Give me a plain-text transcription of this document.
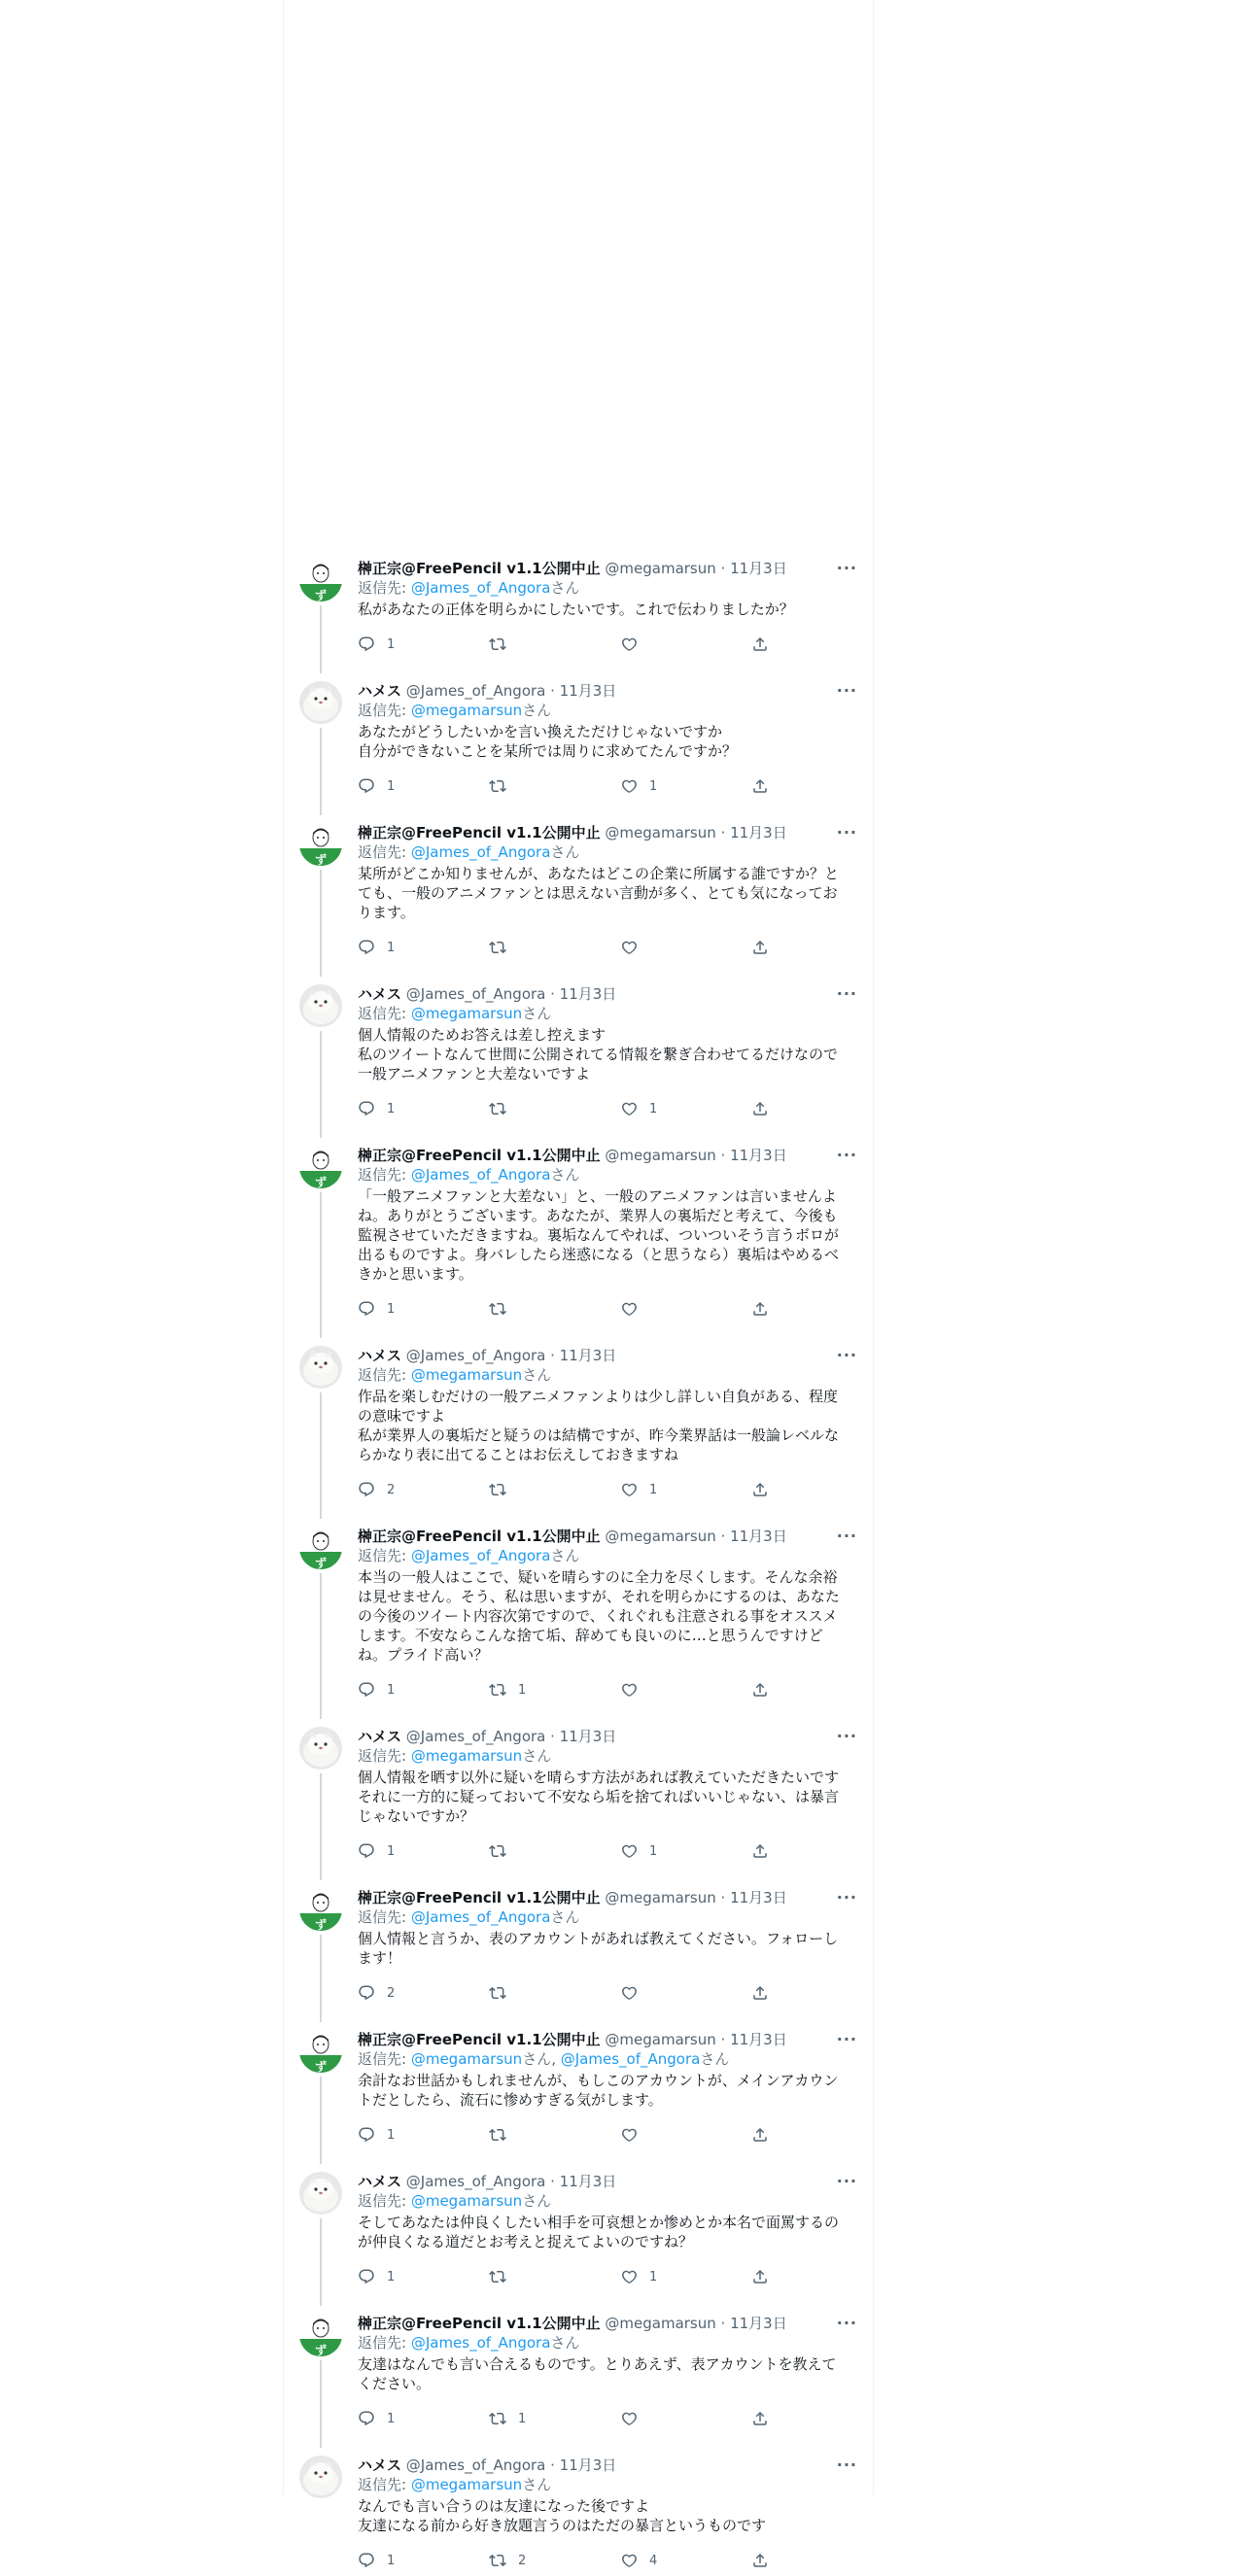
ず
榊正宗@FreePencil v1.1公開中止 @megamarsun · 11月3日	···
返信先: @James_of_Angoraさん
私があなたの正体を明らかにしたいです。これで伝わりましたか？
1
ハメス @James_of_Angora · 11月3日	···
返信先: @megamarsunさん
あなたがどうしたいかを言い換えただけじゃないですか
自分ができないことを某所では周りに求めてたんですか？
1	1
ず
榊正宗@FreePencil v1.1公開中止 @megamarsun · 11月3日	···
返信先: @James_of_Angoraさん
某所がどこか知りませんが、あなたはどこの企業に所属する誰ですか？と
ても、一般のアニメファンとは思えない言動が多く、とても気になってお
ります。
1
ハメス @James_of_Angora · 11月3日	···
返信先: @megamarsunさん
個人情報のためお答えは差し控えます
私のツイートなんて世間に公開されてる情報を繋ぎ合わせてるだけなので
一般アニメファンと大差ないですよ
1	1
ず
榊正宗@FreePencil v1.1公開中止 @megamarsun · 11月3日	···
返信先: @James_of_Angoraさん
「一般アニメファンと大差ない」と、一般のアニメファンは言いませんよ
ね。ありがとうございます。あなたが、業界人の裏垢だと考えて、今後も
監視させていただきますね。裏垢なんてやれば、ついついそう言うボロが
出るものですよ。身バレしたら迷惑になる（と思うなら）裏垢はやめるべ
きかと思います。
1
ハメス @James_of_Angora · 11月3日	···
返信先: @megamarsunさん
作品を楽しむだけの一般アニメファンよりは少し詳しい自負がある、程度
の意味ですよ
私が業界人の裏垢だと疑うのは結構ですが、昨今業界話は一般論レベルな
らかなり表に出てることはお伝えしておきますね
2	1
ず
榊正宗@FreePencil v1.1公開中止 @megamarsun · 11月3日	···
返信先: @James_of_Angoraさん
本当の一般人はここで、疑いを晴らすのに全力を尽くします。そんな余裕
は見せません。そう、私は思いますが、それを明らかにするのは、あなた
の今後のツイート内容次第ですので、くれぐれも注意される事をオススメ
します。不安ならこんな捨て垢、辞めても良いのに…と思うんですけど
ね。プライド高い？
1	1
ハメス @James_of_Angora · 11月3日	···
返信先: @megamarsunさん
個人情報を晒す以外に疑いを晴らす方法があれば教えていただきたいです
それに一方的に疑っておいて不安なら垢を捨てればいいじゃない、は暴言
じゃないですか？
1	1
ず
榊正宗@FreePencil v1.1公開中止 @megamarsun · 11月3日	···
返信先: @James_of_Angoraさん
個人情報と言うか、表のアカウントがあれば教えてください。フォローし
ます！
2
ず
榊正宗@FreePencil v1.1公開中止 @megamarsun · 11月3日	···
返信先: @megamarsunさん, @James_of_Angoraさん
余計なお世話かもしれませんが、もしこのアカウントが、メインアカウン
トだとしたら、流石に惨めすぎる気がします。
1
ハメス @James_of_Angora · 11月3日	···
返信先: @megamarsunさん
そしてあなたは仲良くしたい相手を可哀想とか惨めとか本名で面罵するの
が仲良くなる道だとお考えと捉えてよいのですね？
1	1
ず
榊正宗@FreePencil v1.1公開中止 @megamarsun · 11月3日	···
返信先: @James_of_Angoraさん
友達はなんでも言い合えるものです。とりあえず、表アカウントを教えて
ください。
1	1
ハメス @James_of_Angora · 11月3日	···
返信先: @megamarsunさん
なんでも言い合うのは友達になった後ですよ
友達になる前から好き放題言うのはただの暴言というものです
1	2	4
